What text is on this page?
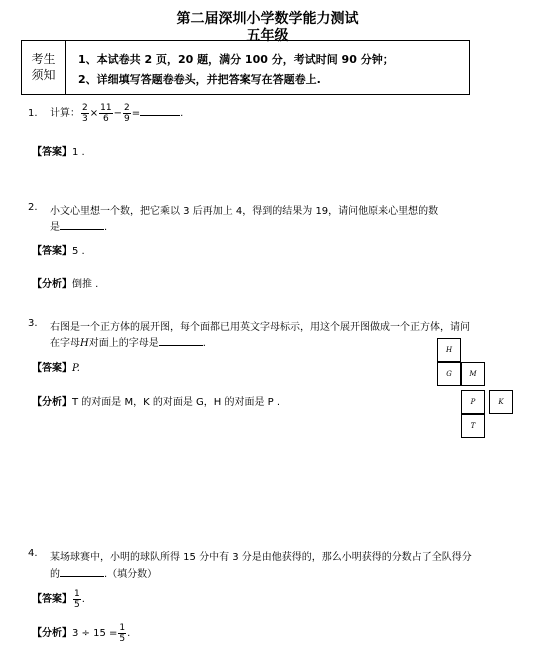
第二届深圳小学数学能力测试
五年级
考生
须知
1、本试卷共 2 页，20 题，满分 100 分，考试时间 90 分钟；
2、详细填写答题卷卷头，并把答案写在答题卷上.
1. 计算： $\frac{2}{3} \times \frac{11}{6} - \frac{2}{9}$ =	.
【答案】1 .
2. 小文心里想一个数，把它乘以 3 后再加上 4，得到的结果为 19，请问他原来心里想的数
是	.
【答案】5 .
【分析】倒推 .
3. 右图是一个正方体的展开图，每个面都已用英文字母标示，用这个展开图做成一个正方体，请问
在字母H对面上的字母是	.
【答案】P.
【分析】T 的对面是 M，K 的对面是 G，H 的对面是 P .
H
G	M
P	K
T
4. 某场球赛中，小明的球队所得 15 分中有 3 分是由他获得的，那么小明获得的分数占了全队得分
的	.（填分数）
【答案】 $\frac{1}{5}$ .
【分析】$3 \div 15 = \frac{1}{5}$ .
